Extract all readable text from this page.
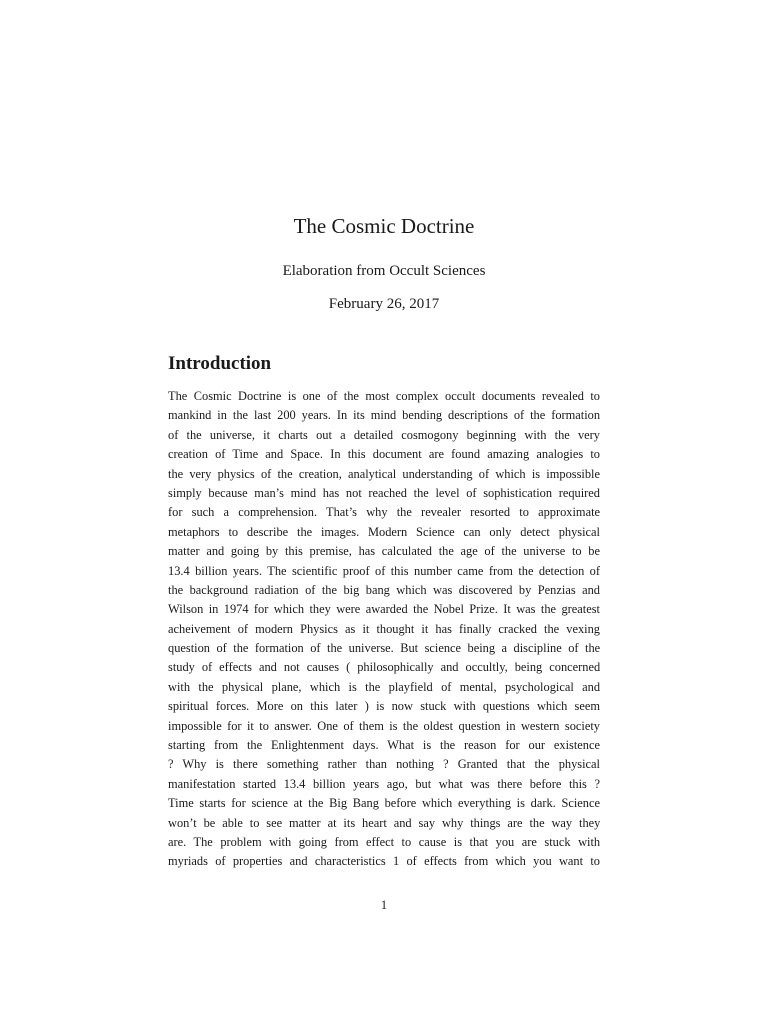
The Cosmic Doctrine
Elaboration from Occult Sciences
February 26, 2017
Introduction
The Cosmic Doctrine is one of the most complex occult documents revealed to
mankind in the last 200 years. In its mind bending descriptions of the formation
of the universe, it charts out a detailed cosmogony beginning with the very
creation of Time and Space. In this document are found amazing analogies to
the very physics of the creation, analytical understanding of which is impossible
simply because man’s mind has not reached the level of sophistication required
for such a comprehension. That’s why the revealer resorted to approximate
metaphors to describe the images. Modern Science can only detect physical
matter and going by this premise, has calculated the age of the universe to be
13.4 billion years. The scientific proof of this number came from the detection of
the background radiation of the big bang which was discovered by Penzias and
Wilson in 1974 for which they were awarded the Nobel Prize. It was the greatest
acheivement of modern Physics as it thought it has finally cracked the vexing
question of the formation of the universe. But science being a discipline of the
study of effects and not causes ( philosophically and occultly, being concerned
with the physical plane, which is the playfield of mental, psychological and
spiritual forces. More on this later ) is now stuck with questions which seem
impossible for it to answer. One of them is the oldest question in western society
starting from the Enlightenment days. What is the reason for our existence
? Why is there something rather than nothing ? Granted that the physical
manifestation started 13.4 billion years ago, but what was there before this ?
Time starts for science at the Big Bang before which everything is dark. Science
won’t be able to see matter at its heart and say why things are the way they
are. The problem with going from effect to cause is that you are stuck with
myriads of properties and characteristics 1 of effects from which you want to
1
